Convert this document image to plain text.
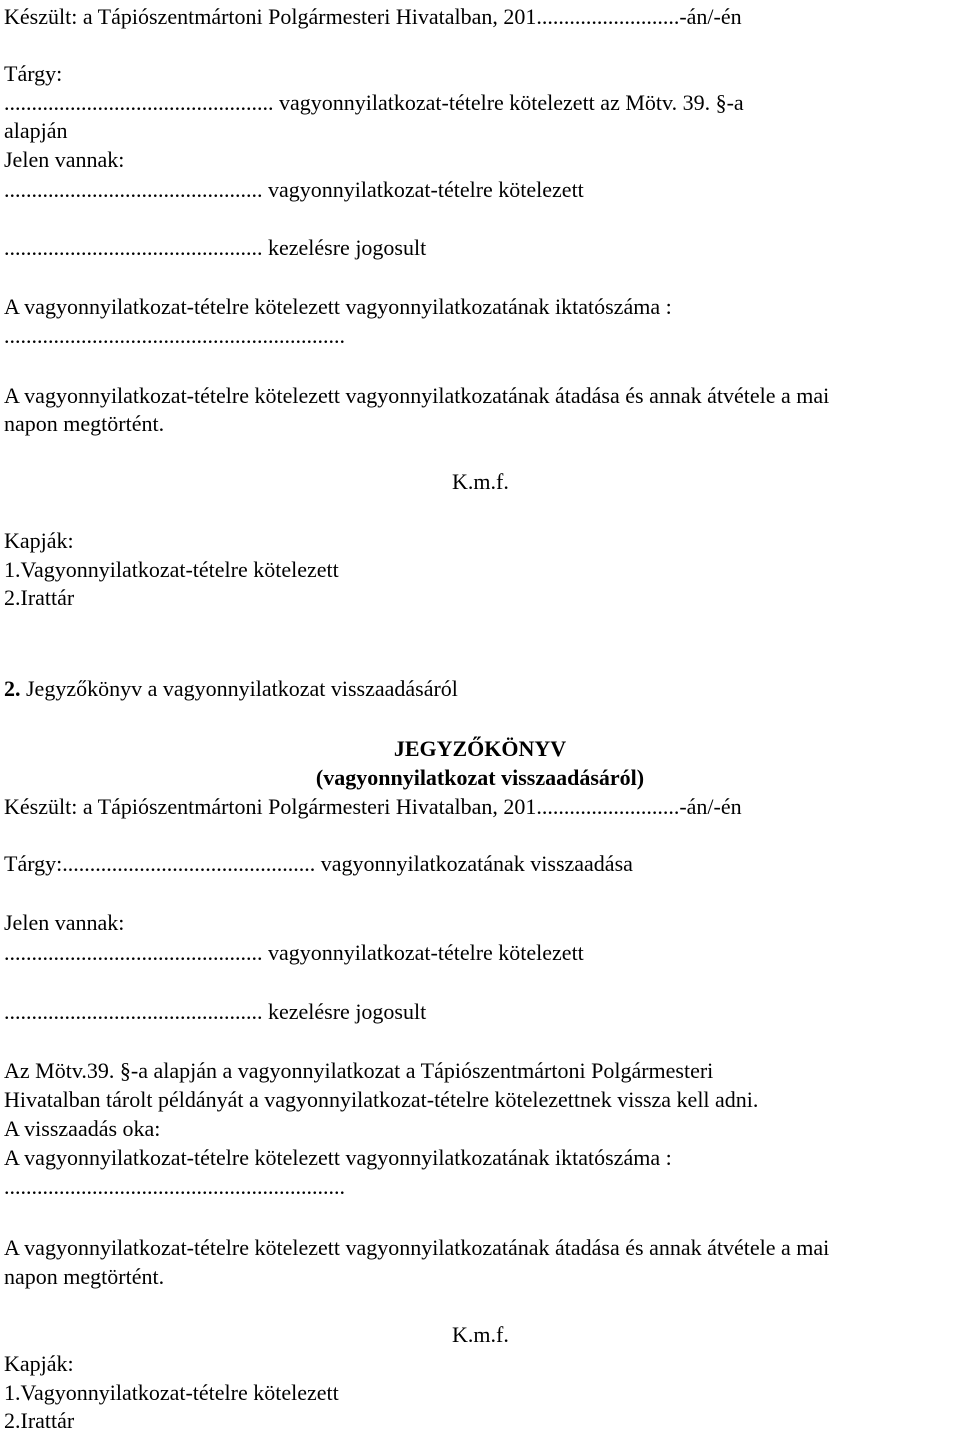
Készült: a Tápiószentmártoni Polgármesteri Hivatalban, 201..........................-án/-én
Tárgy:
................................................. vagyonnyilatkozat-tételre kötelezett az Mötv. 39. §-a
alapján
Jelen vannak:
............................................... vagyonnyilatkozat-tételre kötelezett
............................................... kezelésre jogosult
A vagyonnyilatkozat-tételre kötelezett vagyonnyilatkozatának iktatószáma :
..............................................................
A vagyonnyilatkozat-tételre kötelezett vagyonnyilatkozatának átadása és annak átvétele a mai
napon megtörtént.
K.m.f.
Kapják:
1.Vagyonnyilatkozat-tételre kötelezett
2.Irattár
2. Jegyzőkönyv a vagyonnyilatkozat visszaadásáról
JEGYZŐKÖNYV
(vagyonnyilatkozat visszaadásáról)
Készült: a Tápiószentmártoni Polgármesteri Hivatalban, 201..........................-án/-én
Tárgy:.............................................. vagyonnyilatkozatának visszaadása
Jelen vannak:
............................................... vagyonnyilatkozat-tételre kötelezett
............................................... kezelésre jogosult
Az Mötv.39. §-a alapján a vagyonnyilatkozat a Tápiószentmártoni Polgármesteri
Hivatalban tárolt példányát a vagyonnyilatkozat-tételre kötelezettnek vissza kell adni.
A visszaadás oka:
A vagyonnyilatkozat-tételre kötelezett vagyonnyilatkozatának iktatószáma :
..............................................................
A vagyonnyilatkozat-tételre kötelezett vagyonnyilatkozatának átadása és annak átvétele a mai
napon megtörtént.
K.m.f.
Kapják:
1.Vagyonnyilatkozat-tételre kötelezett
2.Irattár
